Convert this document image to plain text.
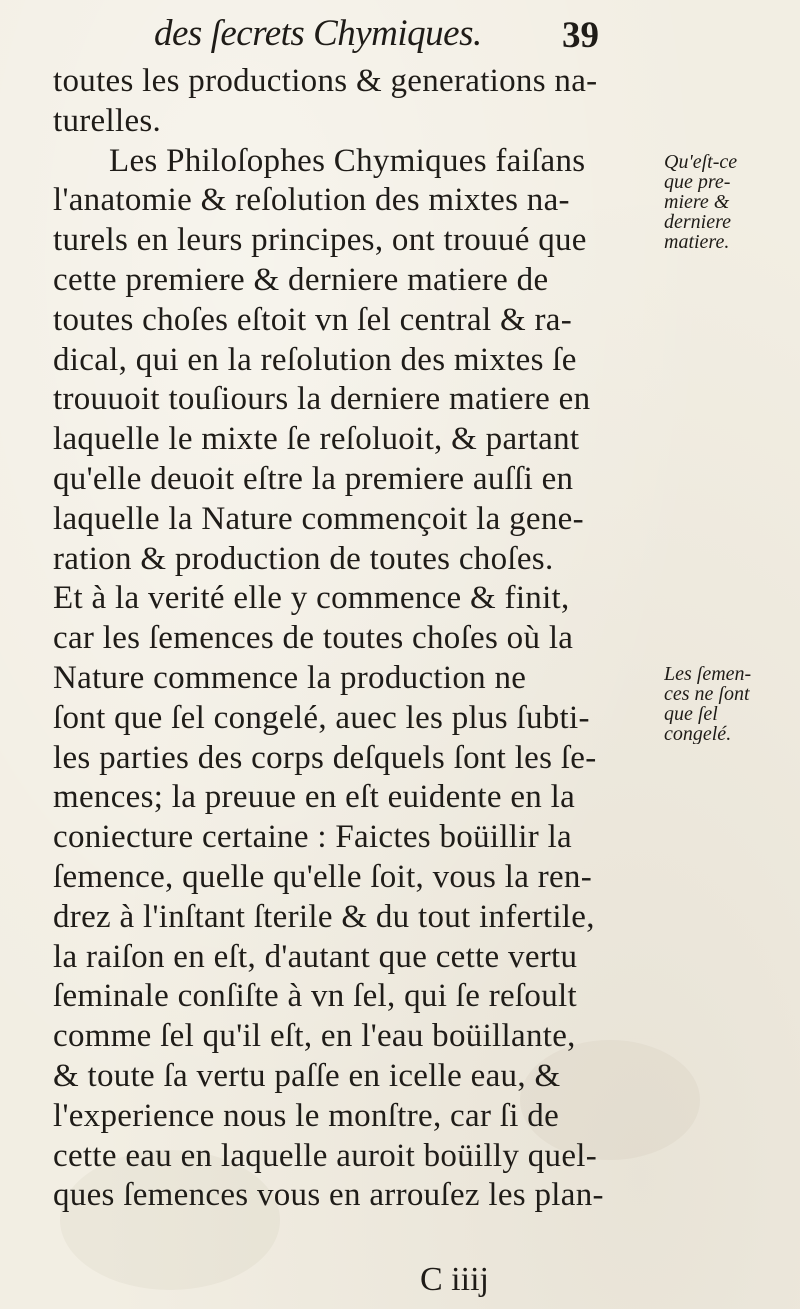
des ſecrets Chymiques. 39
toutes les productions & generations na-
turelles.
Les Philoſophes Chymiques faiſans
l'anatomie & reſolution des mixtes na-
turels en leurs principes, ont trouué que
cette premiere & derniere matiere de
toutes choſes eſtoit vn ſel central & ra-
dical, qui en la reſolution des mixtes ſe
trouuoit touſiours la derniere matiere en
laquelle le mixte ſe reſoluoit, & partant
qu'elle deuoit eſtre la premiere auſſi en
laquelle la Nature commençoit la gene-
ration & production de toutes choſes.
Et à la verité elle y commence & finit,
car les ſemences de toutes choſes où la
Nature commence la production ne
ſont que ſel congelé, auec les plus ſubti-
les parties des corps deſquels ſont les ſe-
mences; la preuue en eſt euidente en la
coniecture certaine : Faictes boüillir la
ſemence, quelle qu'elle ſoit, vous la ren-
drez à l'inſtant ſterile & du tout infertile,
la raiſon en eſt, d'autant que cette vertu
ſeminale conſiſte à vn ſel, qui ſe reſoult
comme ſel qu'il eſt, en l'eau boüillante,
& toute ſa vertu paſſe en icelle eau, &
l'experience nous le monſtre, car ſi de
cette eau en laquelle auroit boüilly quel-
ques ſemences vous en arrouſez les plan-
Qu'eſt-ce
que pre-
miere &
derniere
matiere.
Les ſemen-
ces ne ſont
que ſel
congelé.
C iiij
